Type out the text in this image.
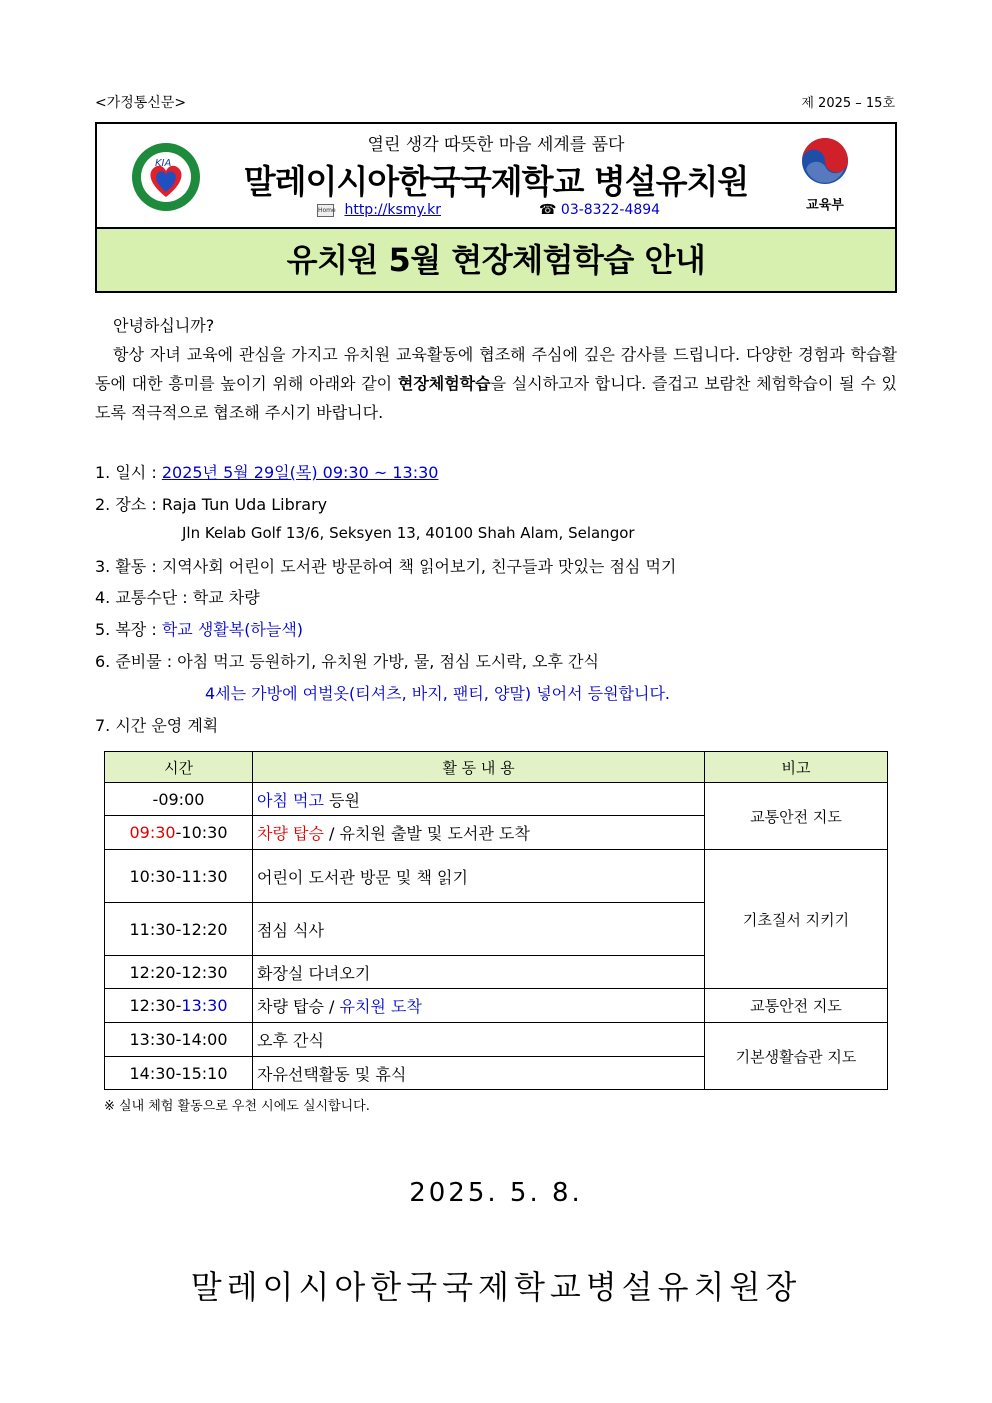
<가정통신문>	제 2025 – 15호
KIA
열린 생각 따뜻한 마음 세계를 품다
말레이시아한국국제학교 병설유치원
Home http://ksmy.kr	☎ 03-8322-4894	교육부
유치원 5월 현장체험학습 안내
안녕하십니까?
항상 자녀 교육에 관심을 가지고 유치원 교육활동에 협조해 주심에 깊은 감사를 드립니다. 다양한 경험과 학습활동에 대한 흥미를 높이기 위해 아래와 같이 현장체험학습을 실시하고자 합니다. 즐겁고 보람찬 체험학습이 될 수 있도록 적극적으로 협조해 주시기 바랍니다.
1. 일시 : 2025년 5월 29일(목) 09:30 ~ 13:30
2. 장소 : Raja Tun Uda Library
Jln Kelab Golf 13/6, Seksyen 13, 40100 Shah Alam, Selangor
3. 활동 : 지역사회 어린이 도서관 방문하여 책 읽어보기, 친구들과 맛있는 점심 먹기
4. 교통수단 : 학교 차량
5. 복장 : 학교 생활복(하늘색)
6. 준비물 : 아침 먹고 등원하기, 유치원 가방, 물, 점심 도시락, 오후 간식
4세는 가방에 여벌옷(티셔츠, 바지, 팬티, 양말) 넣어서 등원합니다.
7. 시간 운영 계획
시간	활 동 내 용	비고
-09:00	아침 먹고 등원	교통안전 지도
09:30-10:30	차량 탑승 / 유치원 출발 및 도서관 도착	
10:30-11:30	어린이 도서관 방문 및 책 읽기	기초질서 지키기
11:30-12:20	점심 식사	
12:20-12:30	화장실 다녀오기	
12:30-13:30	차량 탑승 / 유치원 도착	교통안전 지도
13:30-14:00	오후 간식	기본생활습관 지도
14:30-15:10	자유선택활동 및 휴식	
※ 실내 체험 활동으로 우천 시에도 실시합니다.
2025. 5. 8.
말레이시아한국국제학교병설유치원장
